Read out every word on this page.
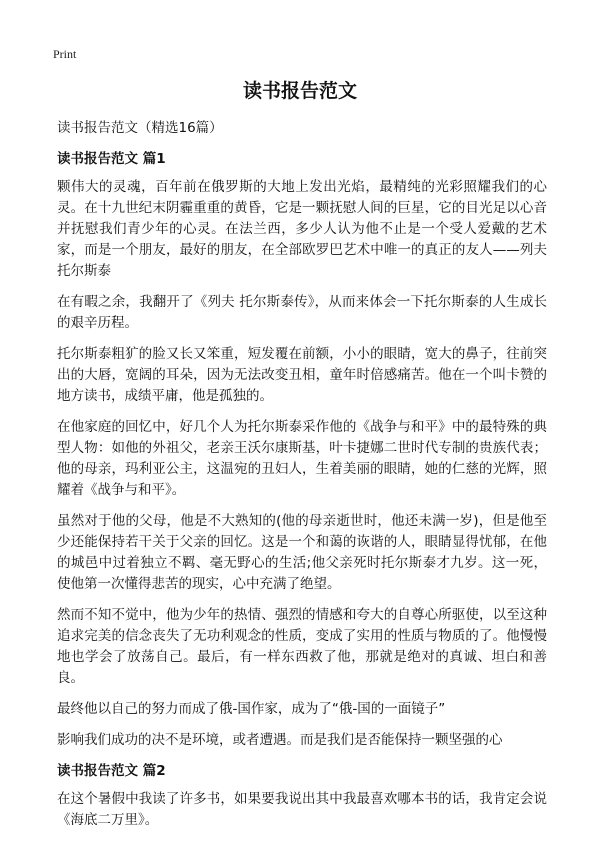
Print
读书报告范文
读书报告范文（精选16篇）
读书报告范文 篇1

颗伟大的灵魂，百年前在俄罗斯的大地上发出光焰，最精纯的光彩照耀我们的心灵。在十九世纪末阴霾重重的黄昏，它是一颗抚慰人间的巨星，它的目光足以心音并抚慰我们青少年的心灵。在法兰西，多少人认为他不止是一个受人爱戴的艺术家，而是一个朋友，最好的朋友，在全部欧罗巴艺术中唯一的真正的友人——列夫 托尔斯泰

在有暇之余，我翻开了《列夫 托尔斯泰传》，从而来体会一下托尔斯泰的人生成长的艰辛历程。

托尔斯泰粗犷的脸又长又笨重，短发覆在前额，小小的眼睛，宽大的鼻子，往前突出的大唇，宽阔的耳朵，因为无法改变丑相，童年时倍感痛苦。他在一个叫卡赞的地方读书，成绩平庸，他是孤独的。

在他家庭的回忆中，好几个人为托尔斯泰采作他的《战争与和平》中的最特殊的典型人物：如他的外祖父，老亲王沃尔康斯基，叶卡捷娜二世时代专制的贵族代表；他的母亲，玛利亚公主，这温宛的丑妇人，生着美丽的眼睛，她的仁慈的光辉，照耀着《战争与和平》。

虽然对于他的父母，他是不大熟知的(他的母亲逝世时，他还未满一岁)，但是他至少还能保持若干关于父亲的回忆。这是一个和蔼的诙谐的人，眼睛显得忧郁，在他的城邑中过着独立不羁、毫无野心的生活;他父亲死时托尔斯泰才九岁。这一死，使他第一次懂得悲苦的现实，心中充满了绝望。

然而不知不觉中，他为少年的热情、强烈的情感和夸大的自尊心所驱使，以至这种追求完美的信念丧失了无功利观念的性质，变成了实用的性质与物质的了。他慢慢地也学会了放荡自己。最后，有一样东西救了他，那就是绝对的真诚、坦白和善良。

最终他以自己的努力而成了俄-国作家，成为了“俄-国的一面镜子”

影响我们成功的决不是环境，或者遭遇。而是我们是否能保持一颗坚强的心

读书报告范文 篇2

在这个暑假中我读了许多书，如果要我说出其中我最喜欢哪本书的话，我肯定会说《海底二万里》。
